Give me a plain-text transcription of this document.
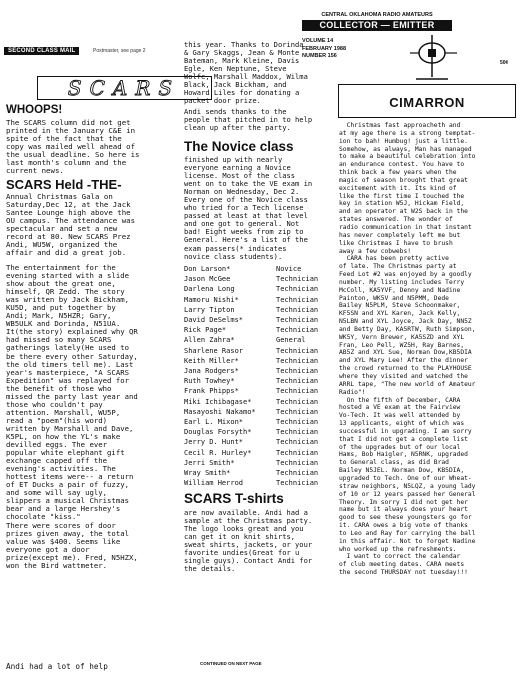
SECOND CLASS MAIL	Postmaster, see page 2
CENTRAL OKLAHOMA RADIO AMATEURS
COLLECTOR — EMITTER
VOLUME 14
FEBRUARY 1988
NUMBER 156
50¢
SCARS
WHOOPS!
The SCARS column did not get
printed in the January C&E in
spite of the fact that the
copy was mailed well ahead of
the usual deadline. So here is
last month's column and the
current news.
SCARS Held -THE-
Annual Christmas Gala on
Saturday,Dec 12, at the Jack
Santee Lounge high above the
OU campus. The attendance was
spectacular and set a new
record at 80. New SCARS Prez
Andi, WU5W, organized the
affair and did a great job.
The entertainment for the
evening started with a slide
show about the great one,
himself, QR Zedd. The story
was written by Jack Bickham,
KU5D, and put together by
Andi; Mark, N5HZR; Gary,
WB5ULK and Dorinda, N51UA.
It(the story) explained why QR
had missed so many SCARS
gatherings lately(He used to
be there every other Saturday,
the old timers tell me). Last
year's masterpiece, "A SCARS
Expedition" was replayed for
the benefit of those who
missed the party last year and
those who couldn't pay
attention. Marshall, WU5P,
read a "poem"(his word)
written by Marshall and Dave,
K5PL, on how the YL's make
devilled eggs. The ever
popular white elephant gift
exchange capped off the
evening's activities. The
hottest items were-- a return
of ET Ducks a pair of fuzzy,
and some will say ugly,
slippers a musical Christmas
bear and a large Hershey's
chocolate "kiss."
There were scores of door
prizes given away, the total
value was $400. Seems like
everyone got a door
prize(except me). Fred, N5HZX,
won the Bird wattmeter.
Andi had a lot of help
this year. Thanks to Dorinda
& Gary Skaggs, Jean & Monte
Bateman, Mark Kleine, Davis
Egle, Ken Neptune, Steve
Wolfe, Marshall Maddox, Wilma
Black, Jack Bickham, and
Howard Liles for donating a
packet door prize.
Andi sends thanks to the
people that pitched in to help
clean up after the party.
The Novice class
finished up with nearly
everyone earning a Novice
license. Most of the class
went on to take the VE exam in
Norman on Wednesday, Dec 2.
Every one of the Novice class
who tried for a Tech license
passed at least at that level
and one got to general. Not
bad! Eight weeks from zip to
General. Here's a list of the
exam passers(* indicates
novice class students).
Don Larson*	Novice
Jason McGee	Technician
Darlena Long	Technician
Mamoru Nishi*	Technician
Larry Tipton	Technician
David DeSelms*	Technician
Rick Page*	Technician
Allen Zahra*	General
Sharlene Rasor	Technician
Keith Miller*	Technician
Jana Rodgers*	Technician
Ruth Towhey*	Technician
Frank Phipps*	Technician
Miki Ichibagase*	Technician
Masayoshi Nakamo*	Technician
Earl L. Mixon*	Technician
Douglas Forsyth*	Technician
Jerry D. Hunt*	Technician
Cecil R. Hurley*	Technician
Jerri Smith*	Technician
Wray Smith*	Technician
William Herrod	Technician
SCARS T-shirts
are now available. Andi had a
sample at the Christmas party.
The logo looks great and you
can get it on knit shirts,
sweat shirts, jackets, or your
favorite undies(Great for u
single guys). Contact Andi for
the details.
CONTINUED ON NEXT PAGE
CIMARRON
Christmas fast approacheth and
at my age there is a strong temptat-
ion to bah! Humbug! just a little.
Somehow, as always, Man has managed
to make a beautiful celebration into
an endurance contest. You have to
think back a few years when the
magic of season brought that great
excitement with it. Its kind of
like the first time I touched the
key in station W5J, Hickam Field,
and an operator at W2S back in the
states answered. The wonder of
radio communication in that instant
has never completely left me but
like Christmas I have to brush
away a few cobwebs!
CARA has been pretty active
of late. The Christmas party at
Feed Lot #2 was enjoyed by a goodly
number. My listing includes Terry
McColl, KA5YVF, Denny and Nadine
Painton, WK5V and N5PMM, Dede
Bailey N5PLM, Steve Schoonmaker,
KF5SN and XYL Karen, Jack Kelly,
N5LBN and XYL Joyce, Jack Day, NN5Z
and Betty Day, KA5RTW, Ruth Simpson,
WK5Y, Vern Brewer, KA5SZD and XYL
Fran, Leo Pell, WZ5H, Ray Barnes,
AB5Z and XYL Sue, Norman Dow,KB5DIA
and XYL Mary Lee! After the dinner
the crowd returned to the PLAYHOUSE
where they visited and watched the
ARRL tape, "The new world of Amateur
Radio"!
On the fifth of December, CARA
hosted a VE exam at the Fairview
Vo-Tech. It was well attended by
13 applicants, eight of which was
successful in upgrading. I am sorry
that I did not get a complete list
of the upgrades but of our local
Hams, Bob Haigler, N5RNK, upgraded
to General class, as did Brad
Bailey N5JEL. Norman Dow, KB5DIA,
upgraded to Tech. One of our Wheat-
straw neighbors, N5LQZ, a young lady
of 10 or 12 years passed her General
Theory. Im sorry I did not get her
name but it always does your heart
good to see these youngsters go for
it. CARA owes a big vote of thanks
to Leo and Ray for carrying the ball
in this affair. Not to forget Nadine
who worked up the refreshments.
I want to correct the calendar
of club meeting dates. CARA meets
the second THURSDAY not tuesday!!!
